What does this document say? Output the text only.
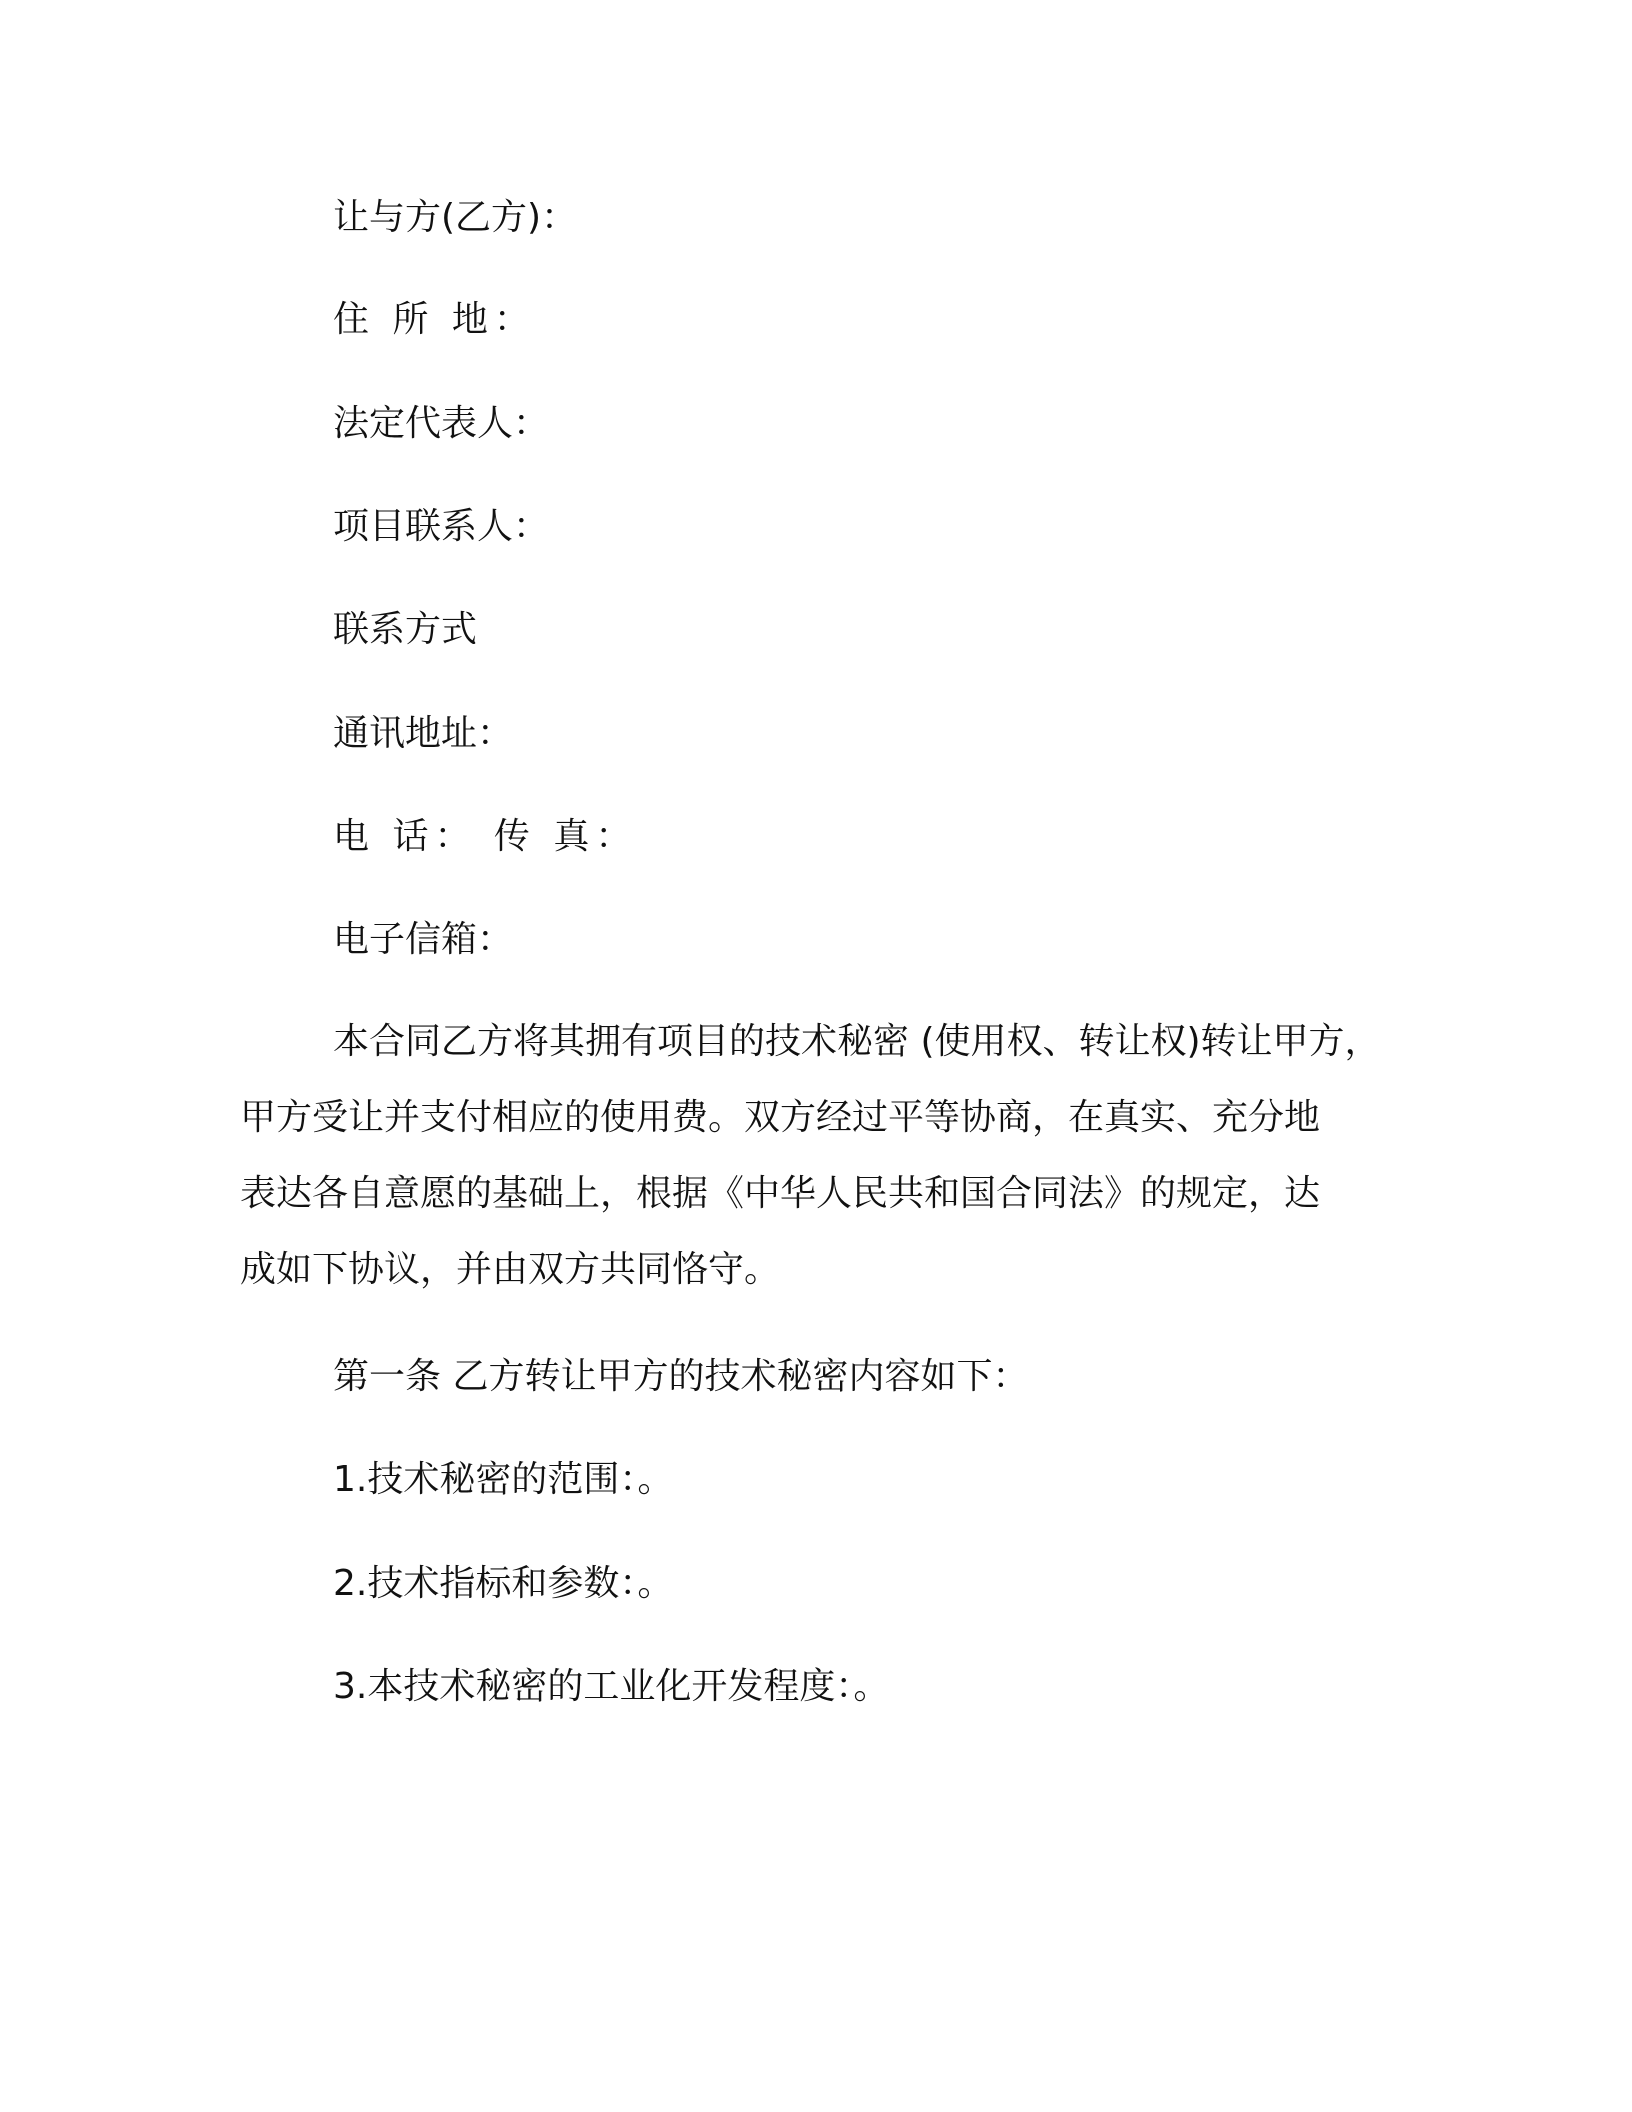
让与方(乙方)：

住 所 地：

法定代表人：

项目联系人：

联系方式

通讯地址：

电 话： 传 真：

电子信箱：

本合同乙方将其拥有项目的技术秘密 (使用权、转让权)转让甲方，
甲方受让并支付相应的使用费。双方经过平等协商，在真实、充分地
表达各自意愿的基础上，根据《中华人民共和国合同法》的规定，达
成如下协议，并由双方共同恪守。

第一条 乙方转让甲方的技术秘密内容如下：

1.技术秘密的范围：。

2.技术指标和参数：。

3.本技术秘密的工业化开发程度：。
